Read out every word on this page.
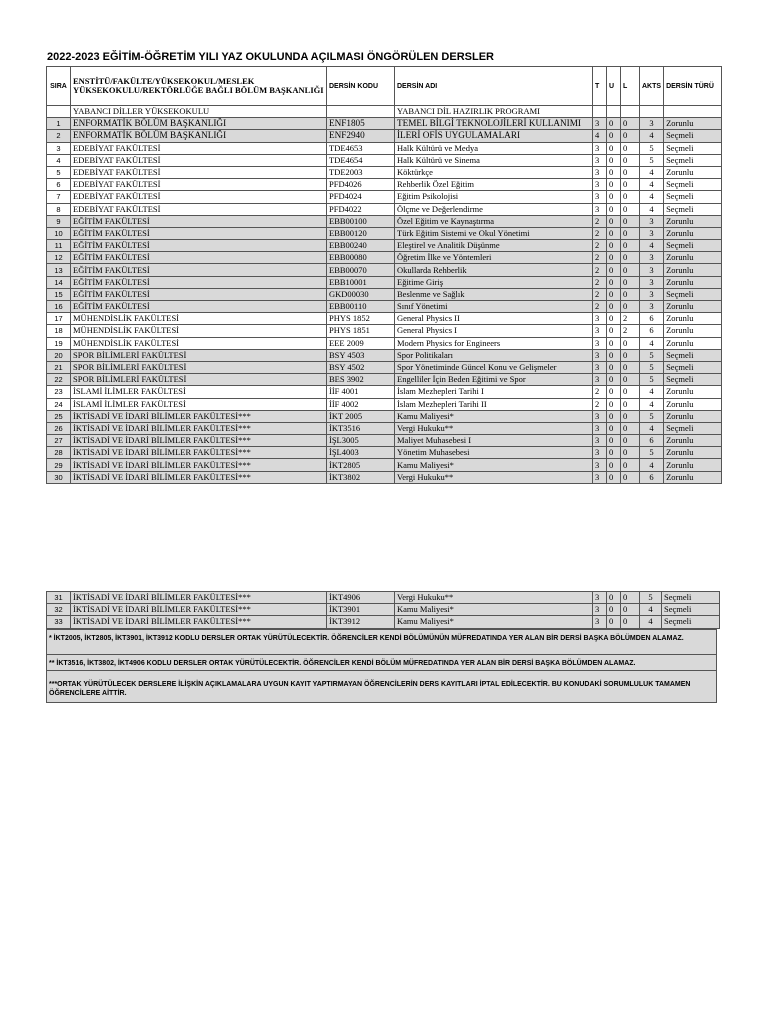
2022-2023 EĞİTİM-ÖĞRETİM YILI YAZ OKULUNDA AÇILMASI ÖNGÖRÜLEN DERSLER
SIRA	ENSTİTÜ/FAKÜLTE/YÜKSEKOKUL/MESLEK YÜKSEKOKULU/REKTÖRLÜĞE BAĞLI BÖLÜM BAŞKANLIĞI	DERSİN KODU	DERSİN ADI	T	U	L	AKTS	DERSİN TÜRÜ
	YABANCI DİLLER YÜKSEKOKULU		YABANCI DİL HAZIRLIK PROGRAMI					
1	ENFORMATİK BÖLÜM BAŞKANLIĞI	ENF1805	TEMEL BİLGİ TEKNOLOJİLERİ KULLANIMI	3	0	0	3	Zorunlu
2	ENFORMATİK BÖLÜM BAŞKANLIĞI	ENF2940	İLERİ OFİS UYGULAMALARI	4	0	0	4	Seçmeli
3	EDEBİYAT FAKÜLTESİ	TDE4653	Halk Kültürü ve Medya	3	0	0	5	Seçmeli
4	EDEBİYAT FAKÜLTESİ	TDE4654	Halk Kültürü ve Sinema	3	0	0	5	Seçmeli
5	EDEBİYAT FAKÜLTESİ	TDE2003	Köktürkçe	3	0	0	4	Zorunlu
6	EDEBİYAT FAKÜLTESİ	PFD4026	Rehberlik Özel Eğitim	3	0	0	4	Seçmeli
7	EDEBİYAT FAKÜLTESİ	PFD4024	Eğitim Psikolojisi	3	0	0	4	Seçmeli
8	EDEBİYAT FAKÜLTESİ	PFD4022	Ölçme ve Değerlendirme	3	0	0	4	Seçmeli
9	EĞİTİM FAKÜLTESİ	EBB00100	Özel Eğitim ve Kaynaştırma	2	0	0	3	Zorunlu
10	EĞİTİM FAKÜLTESİ	EBB00120	Türk Eğitim Sistemi ve Okul Yönetimi	2	0	0	3	Zorunlu
11	EĞİTİM FAKÜLTESİ	EBB00240	Eleştirel ve Analitik Düşünme	2	0	0	4	Seçmeli
12	EĞİTİM FAKÜLTESİ	EBB00080	Öğretim İlke ve Yöntemleri	2	0	0	3	Zorunlu
13	EĞİTİM FAKÜLTESİ	EBB00070	Okullarda Rehberlik	2	0	0	3	Zorunlu
14	EĞİTİM FAKÜLTESİ	EBB10001	Eğitime Giriş	2	0	0	3	Zorunlu
15	EĞİTİM FAKÜLTESİ	GKD00030	Beslenme ve Sağlık	2	0	0	3	Seçmeli
16	EĞİTİM FAKÜLTESİ	EBB00110	Sınıf Yönetimi	2	0	0	3	Zorunlu
17	MÜHENDİSLİK FAKÜLTESİ	PHYS 1852	General Physics II	3	0	2	6	Zorunlu
18	MÜHENDİSLİK FAKÜLTESİ	PHYS 1851	General Physics I	3	0	2	6	Zorunlu
19	MÜHENDİSLİK FAKÜLTESİ	EEE 2009	Modern Physics for Engineers	3	0	0	4	Zorunlu
20	SPOR BİLİMLERİ FAKÜLTESİ	BSY 4503	Spor Politikaları	3	0	0	5	Seçmeli
21	SPOR BİLİMLERİ FAKÜLTESİ	BSY 4502	Spor Yönetiminde Güncel Konu ve Gelişmeler	3	0	0	5	Seçmeli
22	SPOR BİLİMLERİ FAKÜLTESİ	BES 3902	Engelliler İçin Beden Eğitimi ve Spor	3	0	0	5	Seçmeli
23	İSLAMİ İLİMLER FAKÜLTESİ	İİF 4001	İslam Mezhepleri Tarihi I	2	0	0	4	Zorunlu
24	İSLAMİ İLİMLER FAKÜLTESİ	İİF 4002	İslam Mezhepleri Tarihi II	2	0	0	4	Zorunlu
25	İKTİSADİ VE İDARİ BİLİMLER FAKÜLTESİ***	İKT 2005	Kamu Maliyesi*	3	0	0	5	Zorunlu
26	İKTİSADİ VE İDARİ BİLİMLER FAKÜLTESİ***	İKT3516	Vergi Hukuku**	3	0	0	4	Seçmeli
27	İKTİSADİ VE İDARİ BİLİMLER FAKÜLTESİ***	İŞL3005	Maliyet Muhasebesi I	3	0	0	6	Zorunlu
28	İKTİSADİ VE İDARİ BİLİMLER FAKÜLTESİ***	İŞL4003	Yönetim Muhasebesi	3	0	0	5	Zorunlu
29	İKTİSADİ VE İDARİ BİLİMLER FAKÜLTESİ***	İKT2805	Kamu Maliyesi*	3	0	0	4	Zorunlu
30	İKTİSADİ VE İDARİ BİLİMLER FAKÜLTESİ***	İKT3802	Vergi Hukuku**	3	0	0	6	Zorunlu
31	İKTİSADİ VE İDARİ BİLİMLER FAKÜLTESİ***	İKT4906	Vergi Hukuku**	3	0	0	5	Seçmeli
32	İKTİSADİ VE İDARİ BİLİMLER FAKÜLTESİ***	İKT3901	Kamu Maliyesi*	3	0	0	4	Seçmeli
33	İKTİSADİ VE İDARİ BİLİMLER FAKÜLTESİ***	İKT3912	Kamu Maliyesi*	3	0	0	4	Seçmeli
* İKT2005, İKT2805, İKT3901, İKT3912 KODLU DERSLER ORTAK YÜRÜTÜLECEKTİR. ÖĞRENCİLER KENDİ BÖLÜMÜNÜN MÜFREDATINDA YER ALAN BİR DERSİ BAŞKA BÖLÜMDEN ALAMAZ.
** İKT3516, İKT3802, İKT4906 KODLU DERSLER ORTAK YÜRÜTÜLECEKTİR. ÖĞRENCİLER KENDİ BÖLÜM MÜFREDATINDA YER ALAN BİR DERSİ BAŞKA BÖLÜMDEN ALAMAZ.
***ORTAK YÜRÜTÜLECEK DERSLERE İLİŞKİN AÇIKLAMALARA UYGUN KAYIT YAPTIRMAYAN ÖĞRENCİLERİN DERS KAYITLARI İPTAL EDİLECEKTİR. BU KONUDAKİ SORUMLULUK TAMAMEN ÖĞRENCİLERE AİTTİR.
